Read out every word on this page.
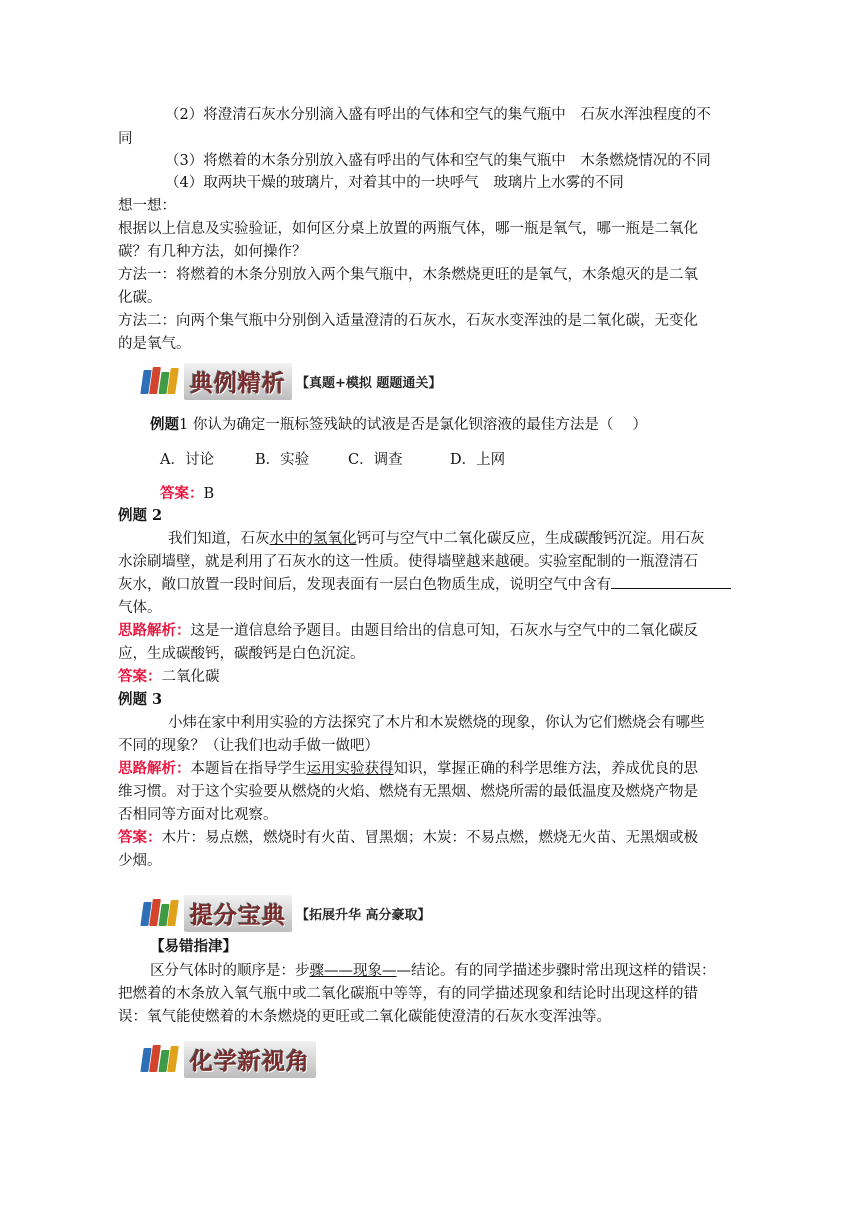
（2）将澄清石灰水分别滴入盛有呼出的气体和空气的集气瓶中　石灰水浑浊程度的不
同
（3）将燃着的木条分别放入盛有呼出的气体和空气的集气瓶中　木条燃烧情况的不同
（4）取两块干燥的玻璃片，对着其中的一块呼气　玻璃片上水雾的不同
想一想：
根据以上信息及实验验证，如何区分桌上放置的两瓶气体，哪一瓶是氧气，哪一瓶是二氧化
碳？有几种方法，如何操作？
方法一：将燃着的木条分别放入两个集气瓶中，木条燃烧更旺的是氧气，木条熄灭的是二氧
化碳。
方法二：向两个集气瓶中分别倒入适量澄清的石灰水，石灰水变浑浊的是二氧化碳，无变化
的是氧气。
典例精析 【真题+模拟 题题通关】
例题1 你认为确定一瓶标签残缺的试液是否是氯化钡溶液的最佳方法是（　 ）
A．讨论	B．实验	C．调查	D．上网
答案：B
例题 2
我们知道，石灰水中的氢氧化钙可与空气中二氧化碳反应，生成碳酸钙沉淀。用石灰
水涂刷墙壁，就是利用了石灰水的这一性质。使得墙壁越来越硬。实验室配制的一瓶澄清石
灰水，敞口放置一段时间后，发现表面有一层白色物质生成，说明空气中含有
气体。
思路解析：这是一道信息给予题目。由题目给出的信息可知，石灰水与空气中的二氧化碳反
应，生成碳酸钙，碳酸钙是白色沉淀。
答案：二氧化碳
例题 3
小炜在家中利用实验的方法探究了木片和木炭燃烧的现象，你认为它们燃烧会有哪些
不同的现象？（让我们也动手做一做吧）
思路解析：本题旨在指导学生运用实验获得知识，掌握正确的科学思维方法，养成优良的思
维习惯。对于这个实验要从燃烧的火焰、燃烧有无黑烟、燃烧所需的最低温度及燃烧产物是
否相同等方面对比观察。
答案：木片：易点燃，燃烧时有火苗、冒黑烟；木炭：不易点燃，燃烧无火苗、无黑烟或极
少烟。
提分宝典 【拓展升华 高分豪取】
【易错指津】
区分气体时的顺序是：步骤——现象——结论。有的同学描述步骤时常出现这样的错误：
把燃着的木条放入氧气瓶中或二氧化碳瓶中等等，有的同学描述现象和结论时出现这样的错
误：氧气能使燃着的木条燃烧的更旺或二氧化碳能使澄清的石灰水变浑浊等。
化学新视角
